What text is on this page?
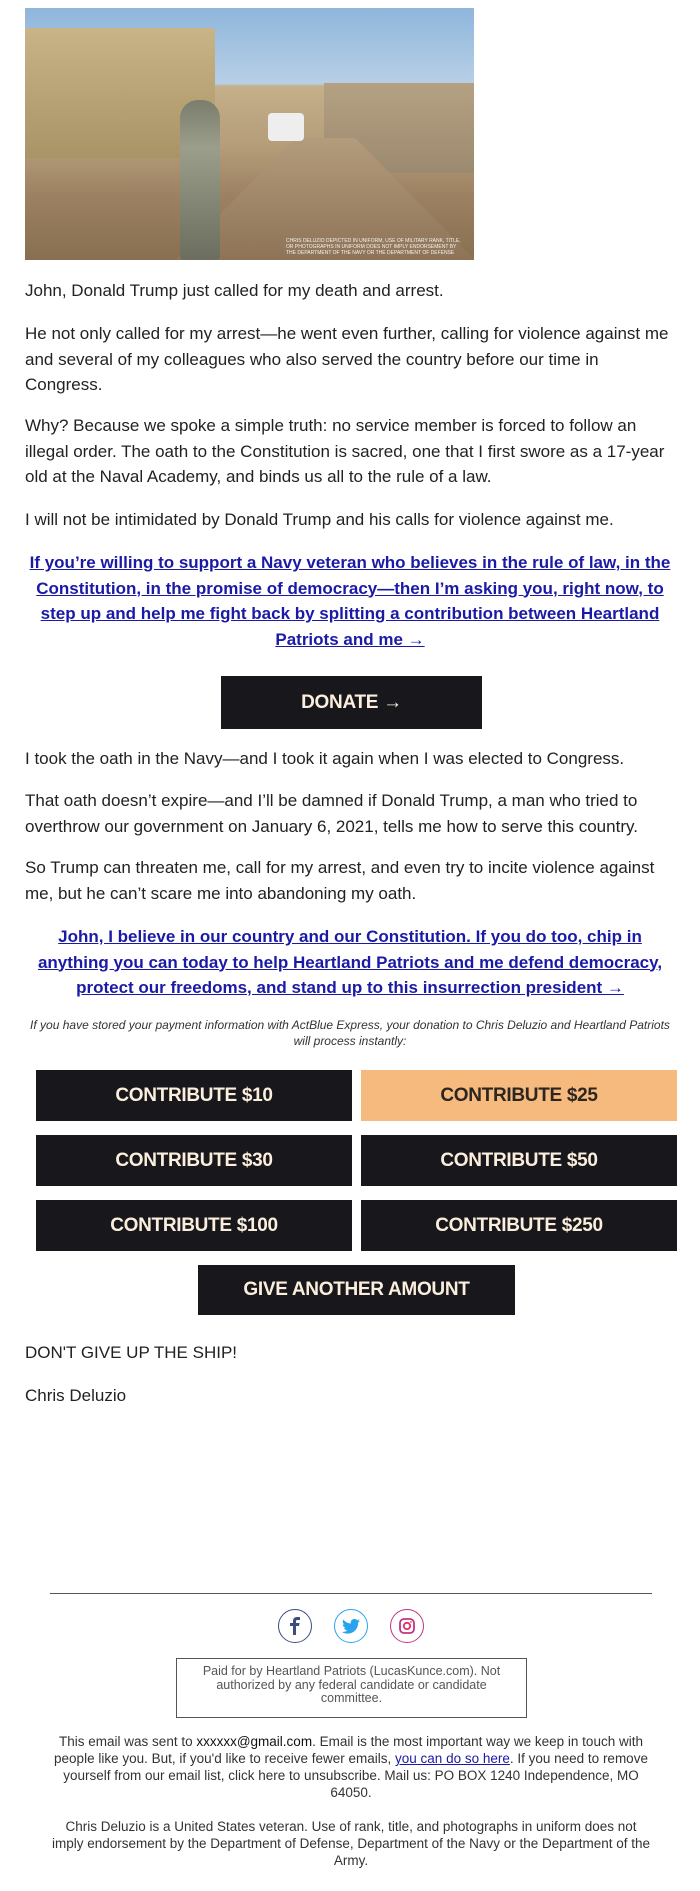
CHRIS DELUZIO DEPICTED IN UNIFORM, USE OF MILITARY RANK, TITLE, OR PHOTOGRAPHS IN UNIFORM DOES NOT IMPLY ENDORSEMENT BY THE DEPARTMENT OF THE NAVY OR THE DEPARTMENT OF DEFENSE

John, Donald Trump just called for my death and arrest.

He not only called for my arrest—he went even further, calling for violence against me and several of my colleagues who also served the country before our time in Congress.

Why? Because we spoke a simple truth: no service member is forced to follow an illegal order. The oath to the Constitution is sacred, one that I first swore as a 17-year old at the Naval Academy, and binds us all to the rule of a law.

I will not be intimidated by Donald Trump and his calls for violence against me.

If you’re willing to support a Navy veteran who believes in the rule of law, in the Constitution, in the promise of democracy—then I’m asking you, right now, to step up and help me fight back by splitting a contribution between Heartland Patriots and me →
DONATE →

I took the oath in the Navy—and I took it again when I was elected to Congress.

That oath doesn’t expire—and I’ll be damned if Donald Trump, a man who tried to overthrow our government on January 6, 2021, tells me how to serve this country.

So Trump can threaten me, call for my arrest, and even try to incite violence against me, but he can’t scare me into abandoning my oath.

John, I believe in our country and our Constitution. If you do too, chip in anything you can today to help Heartland Patriots and me defend democracy, protect our freedoms, and stand up to this insurrection president →
If you have stored your payment information with ActBlue Express, your donation to Chris Deluzio and Heartland Patriots will process instantly:
CONTRIBUTE $10	CONTRIBUTE $25
CONTRIBUTE $30	CONTRIBUTE $50
CONTRIBUTE $100	CONTRIBUTE $250
GIVE ANOTHER AMOUNT

DON'T GIVE UP THE SHIP!

Chris Deluzio

Paid for by Heartland Patriots (LucasKunce.com). Not authorized by any federal candidate or candidate committee.
This email was sent to xxxxxx@gmail.com. Email is the most important way we keep in touch with people like you. But, if you'd like to receive fewer emails, you can do so here. If you need to remove yourself from our email list, click here to unsubscribe. Mail us: PO BOX 1240 Independence, MO 64050.
Chris Deluzio is a United States veteran. Use of rank, title, and photographs in uniform does not imply endorsement by the Department of Defense, Department of the Navy or the Department of the Army.
